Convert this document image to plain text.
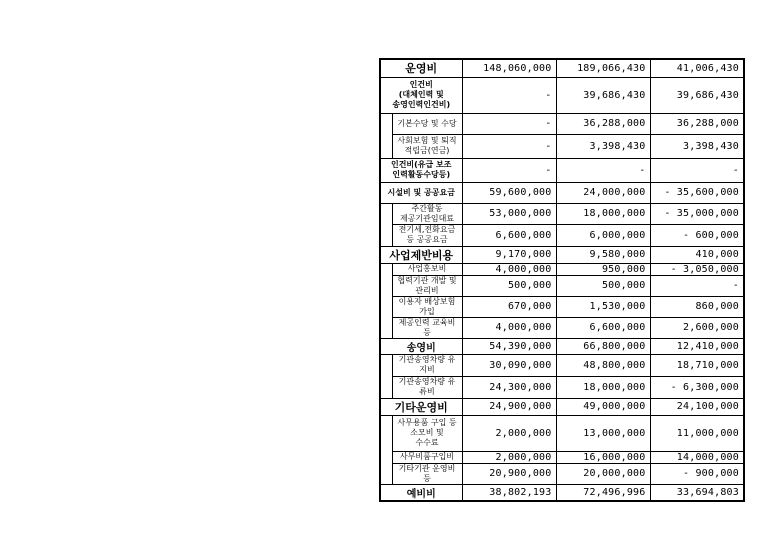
운영비		148,060,000	189,066,430	41,006,430
인건비
(대체인력 및
송영인력인건비)		-	39,686,430	39,686,430
	기본수당 및 수당	-	36,288,000	36,288,000
	사회보험 및 퇴직
적립금(연금)	-	3,398,430	3,398,430
인건비(유급 보조
인력활동수당등)		-	-	-
시설비 및 공공요금		59,600,000	24,000,000	- 35,600,000
	주간활동
제공기관임대료	53,000,000	18,000,000	- 35,000,000
	전기세,전화요금
등 공공요금	6,600,000	6,000,000	- 600,000
사업제반비용		9,170,000	9,580,000	410,000
	사업홍보비	4,000,000	950,000	- 3,050,000
	협력기관 개발 및
관리비	500,000	500,000	-
	이용자 배상보험
가입	670,000	1,530,000	860,000
	제공인력 교육비
등	4,000,000	6,600,000	2,600,000
송영비		54,390,000	66,800,000	12,410,000
	기관송영차량 유
지비	30,090,000	48,800,000	18,710,000
	기관송영차량 유
류비	24,300,000	18,000,000	- 6,300,000
기타운영비		24,900,000	49,000,000	24,100,000
	사무용품 구입 등
소모비 및
수수료	2,000,000	13,000,000	11,000,000
	사무비품구입비	2,000,000	16,000,000	14,000,000
	기타기관 운영비
등	20,900,000	20,000,000	- 900,000
예비비		38,802,193	72,496,996	33,694,803
